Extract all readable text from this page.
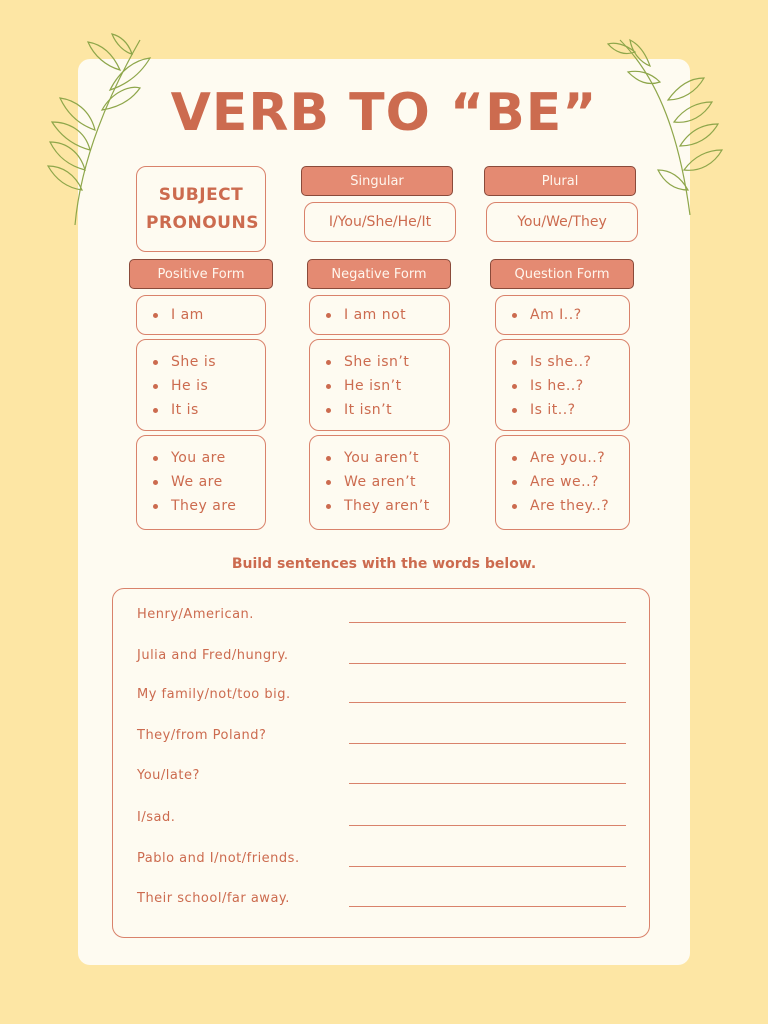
VERB TO “BE”
SUBJECT PRONOUNS
Singular
I/You/She/He/It
Plural
You/We/They
Positive Form	Negative Form	Question Form
I am
She is
He is
It is
You are
We are
They are
I am not
She isn’t
He isn’t
It isn’t
You aren’t
We aren’t
They aren’t
Am I..?
Is she..?
Is he..?
Is it..?
Are you..?
Are we..?
Are they..?
Build sentences with the words below.
Henry/American.
Julia and Fred/hungry.
My family/not/too big.
They/from Poland?
You/late?
I/sad.
Pablo and I/not/friends.
Their school/far away.
